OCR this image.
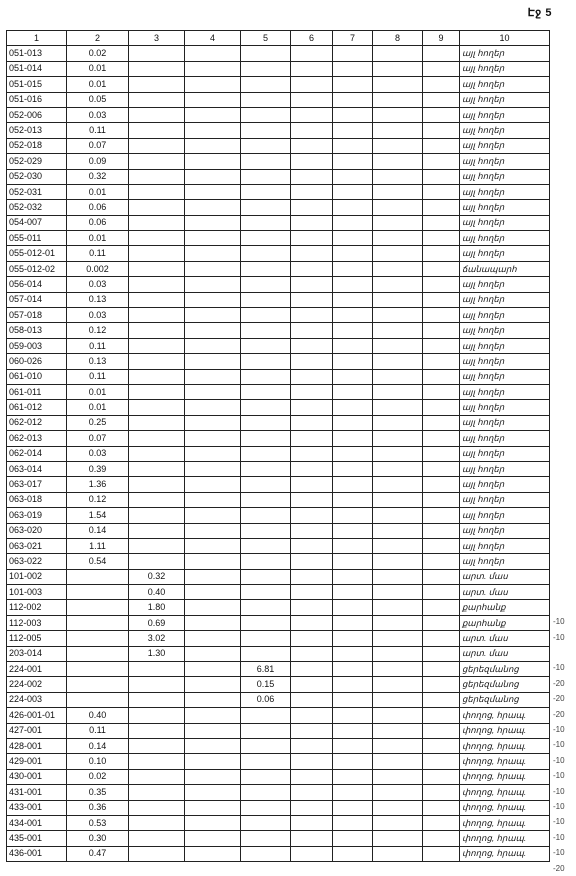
Էջ 5
1	2	3	4	5	6	7	8	9	10
051-013	0.02								այլ հողեր
051-014	0.01								այլ հողեր
051-015	0.01								այլ հողեր
051-016	0.05								այլ հողեր
052-006	0.03								այլ հողեր
052-013	0.11								այլ հողեր
052-018	0.07								այլ հողեր
052-029	0.09								այլ հողեր
052-030	0.32								այլ հողեր
052-031	0.01								այլ հողեր
052-032	0.06								այլ հողեր
054-007	0.06								այլ հողեր
055-011	0.01								այլ հողեր
055-012-01	0.11								այլ հողեր
055-012-02	0.002								ճանապարհ
056-014	0.03								այլ հողեր
057-014	0.13								այլ հողեր
057-018	0.03								այլ հողեր
058-013	0.12								այլ հողեր
059-003	0.11								այլ հողեր
060-026	0.13								այլ հողեր
061-010	0.11								այլ հողեր
061-011	0.01								այլ հողեր
061-012	0.01								այլ հողեր
062-012	0.25								այլ հողեր
062-013	0.07								այլ հողեր
062-014	0.03								այլ հողեր
063-014	0.39								այլ հողեր
063-017	1.36								այլ հողեր
063-018	0.12								այլ հողեր
063-019	1.54								այլ հողեր
063-020	0.14								այլ հողեր
063-021	1.11								այլ հողեր
063-022	0.54								այլ հողեր
101-002		0.32							արտ. մաս
101-003		0.40							արտ. մաս
112-002		1.80							քարհանք
112-003		0.69							քարհանք
112-005		3.02							արտ. մաս
203-014		1.30							արտ. մաս
224-001				6.81					ցերեզմանոց
224-002				0.15					ցերեզմանոց
224-003				0.06					ցերեզմանոց
426-001-01	0.40								փողոց, հրապ.
427-001	0.11								փողոց, հրապ.
428-001	0.14								փողոց, հրապ.
429-001	0.10								փողոց, հրապ.
430-001	0.02								փողոց, հրապ.
431-001	0.35								փողոց, հրապ.
433-001	0.36								փողոց, հրապ.
434-001	0.53								փողոց, հրապ.
435-001	0.30								փողոց, հրապ.
436-001	0.47								փողոց, հրապ.
-10
-10
-10
-20
-20
-20
-10
-10
-10
-10
-10
-10
-10
-10
-10
-20
